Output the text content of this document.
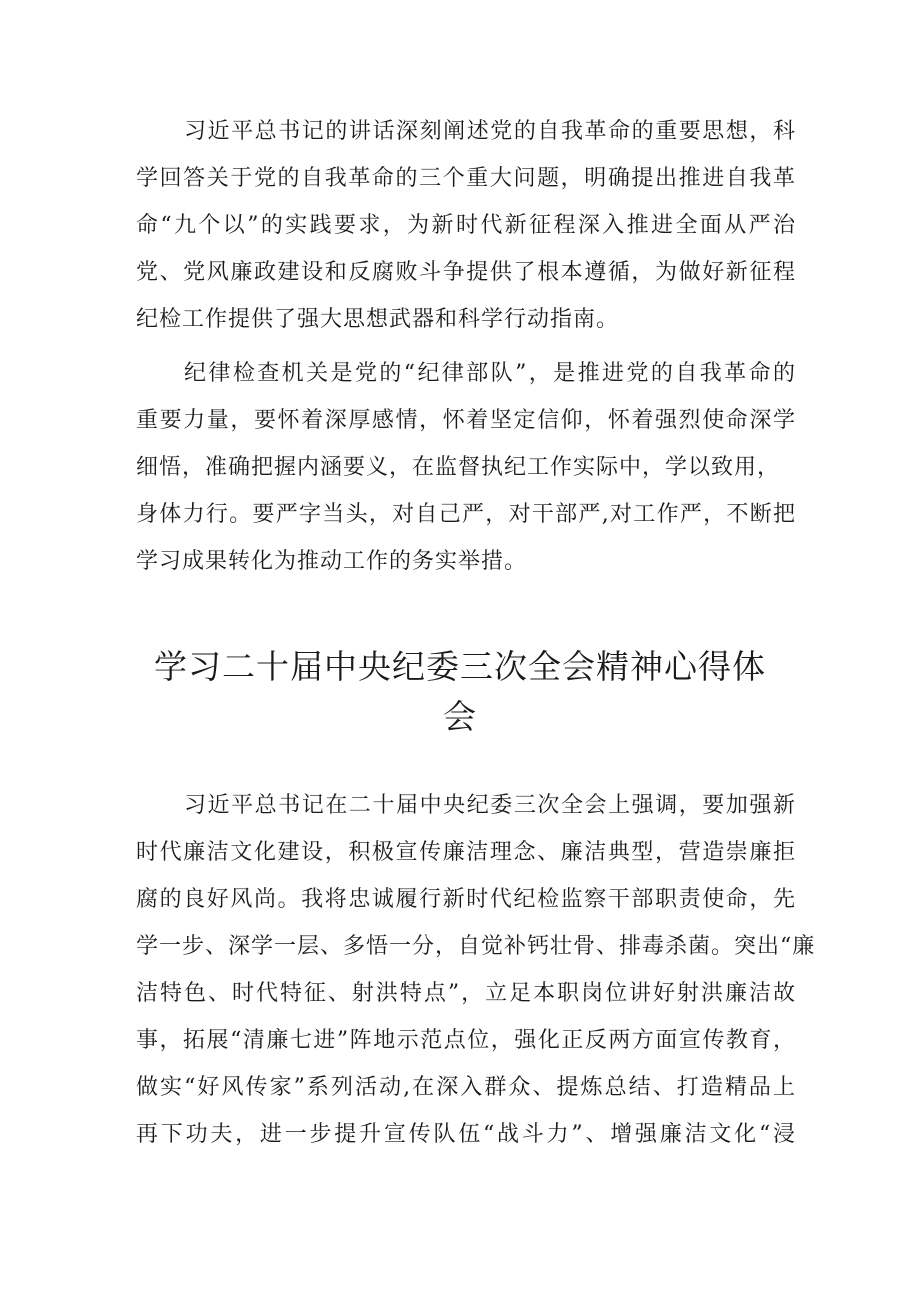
习近平总书记的讲话深刻阐述党的自我革命的重要思想，科
学回答关于党的自我革命的三个重大问题，明确提出推进自我革
命“九个以”的实践要求，为新时代新征程深入推进全面从严治
党、党风廉政建设和反腐败斗争提供了根本遵循，为做好新征程
纪检工作提供了强大思想武器和科学行动指南。
纪律检查机关是党的“纪律部队”，是推进党的自我革命的
重要力量，要怀着深厚感情，怀着坚定信仰，怀着强烈使命深学
细悟，准确把握内涵要义，在监督执纪工作实际中，学以致用，
身体力行。要严字当头，对自己严，对干部严,对工作严，不断把
学习成果转化为推动工作的务实举措。
学习二十届中央纪委三次全会精神心得体
会
习近平总书记在二十届中央纪委三次全会上强调，要加强新
时代廉洁文化建设，积极宣传廉洁理念、廉洁典型，营造崇廉拒
腐的良好风尚。我将忠诚履行新时代纪检监察干部职责使命，先
学一步、深学一层、多悟一分，自觉补钙壮骨、排毒杀菌。突出“廉
洁特色、时代特征、射洪特点”，立足本职岗位讲好射洪廉洁故
事，拓展“清廉七进”阵地示范点位，强化正反两方面宣传教育，
做实“好风传家”系列活动,在深入群众、提炼总结、打造精品上
再下功夫，进一步提升宣传队伍“战斗力”、增强廉洁文化“浸
